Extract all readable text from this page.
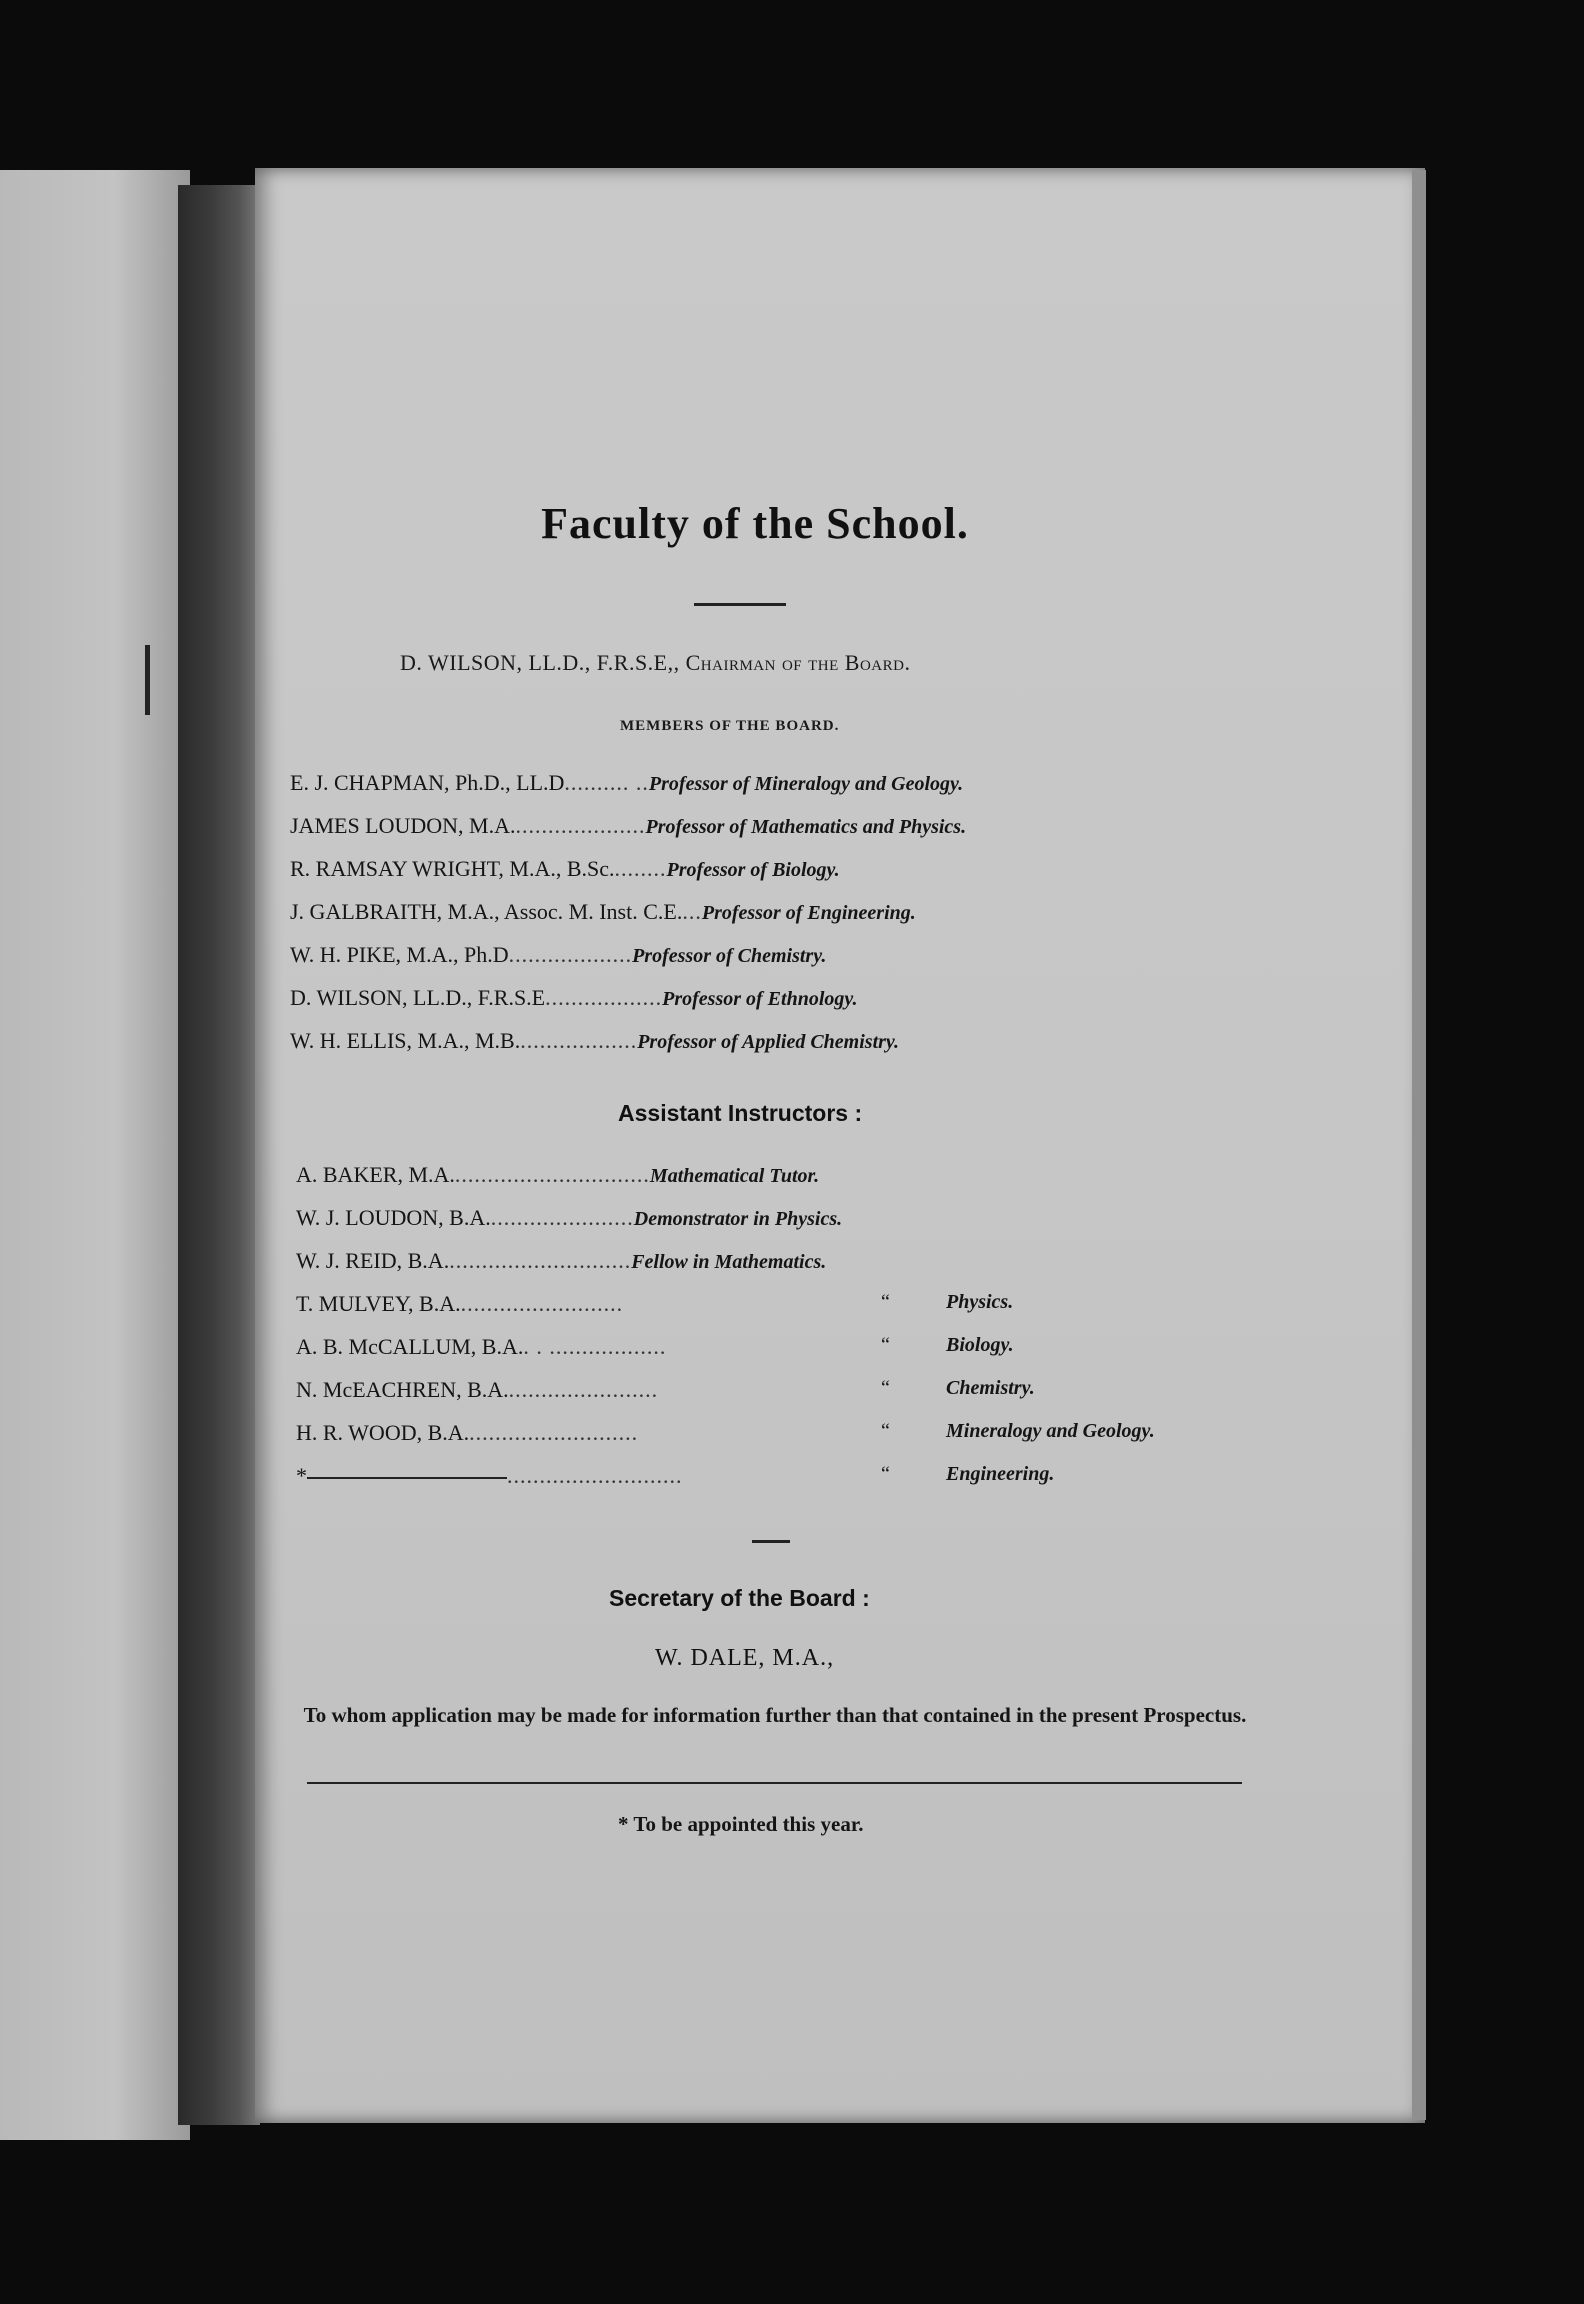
Faculty of the School.
D. WILSON, LL.D., F.R.S.E,, Chairman of the Board.
MEMBERS OF THE BOARD.
E. J. CHAPMAN, Ph.D., LL.D.......... ..Professor of Mineralogy and Geology.
JAMES LOUDON, M.A.....................Professor of Mathematics and Physics.
R. RAMSAY WRIGHT, M.A., B.Sc.........Professor of Biology.
J. GALBRAITH, M.A., Assoc. M. Inst. C.E....Professor of Engineering.
W. H. PIKE, M.A., Ph.D...................Professor of Chemistry.
D. WILSON, LL.D., F.R.S.E..................Professor of Ethnology.
W. H. ELLIS, M.A., M.B...................Professor of Applied Chemistry.
Assistant Instructors :
A. BAKER, M.A...............................Mathematical Tutor.
W. J. LOUDON, B.A.......................Demonstrator in Physics.
W. J. REID, B.A.............................Fellow in Mathematics.
T. MULVEY, B.A..........................	“	Physics.
A. B. McCALLUM, B.A.. . ..................	“	Biology.
N. McEACHREN, B.A........................	“	Chemistry.
H. R. WOOD, B.A...........................	“	Mineralogy and Geology.
*	...........................	“	Engineering.
Secretary of the Board :
W. DALE, M.A.,
To whom application may be made for information further than that contained in the present Prospectus.
* To be appointed this year.
